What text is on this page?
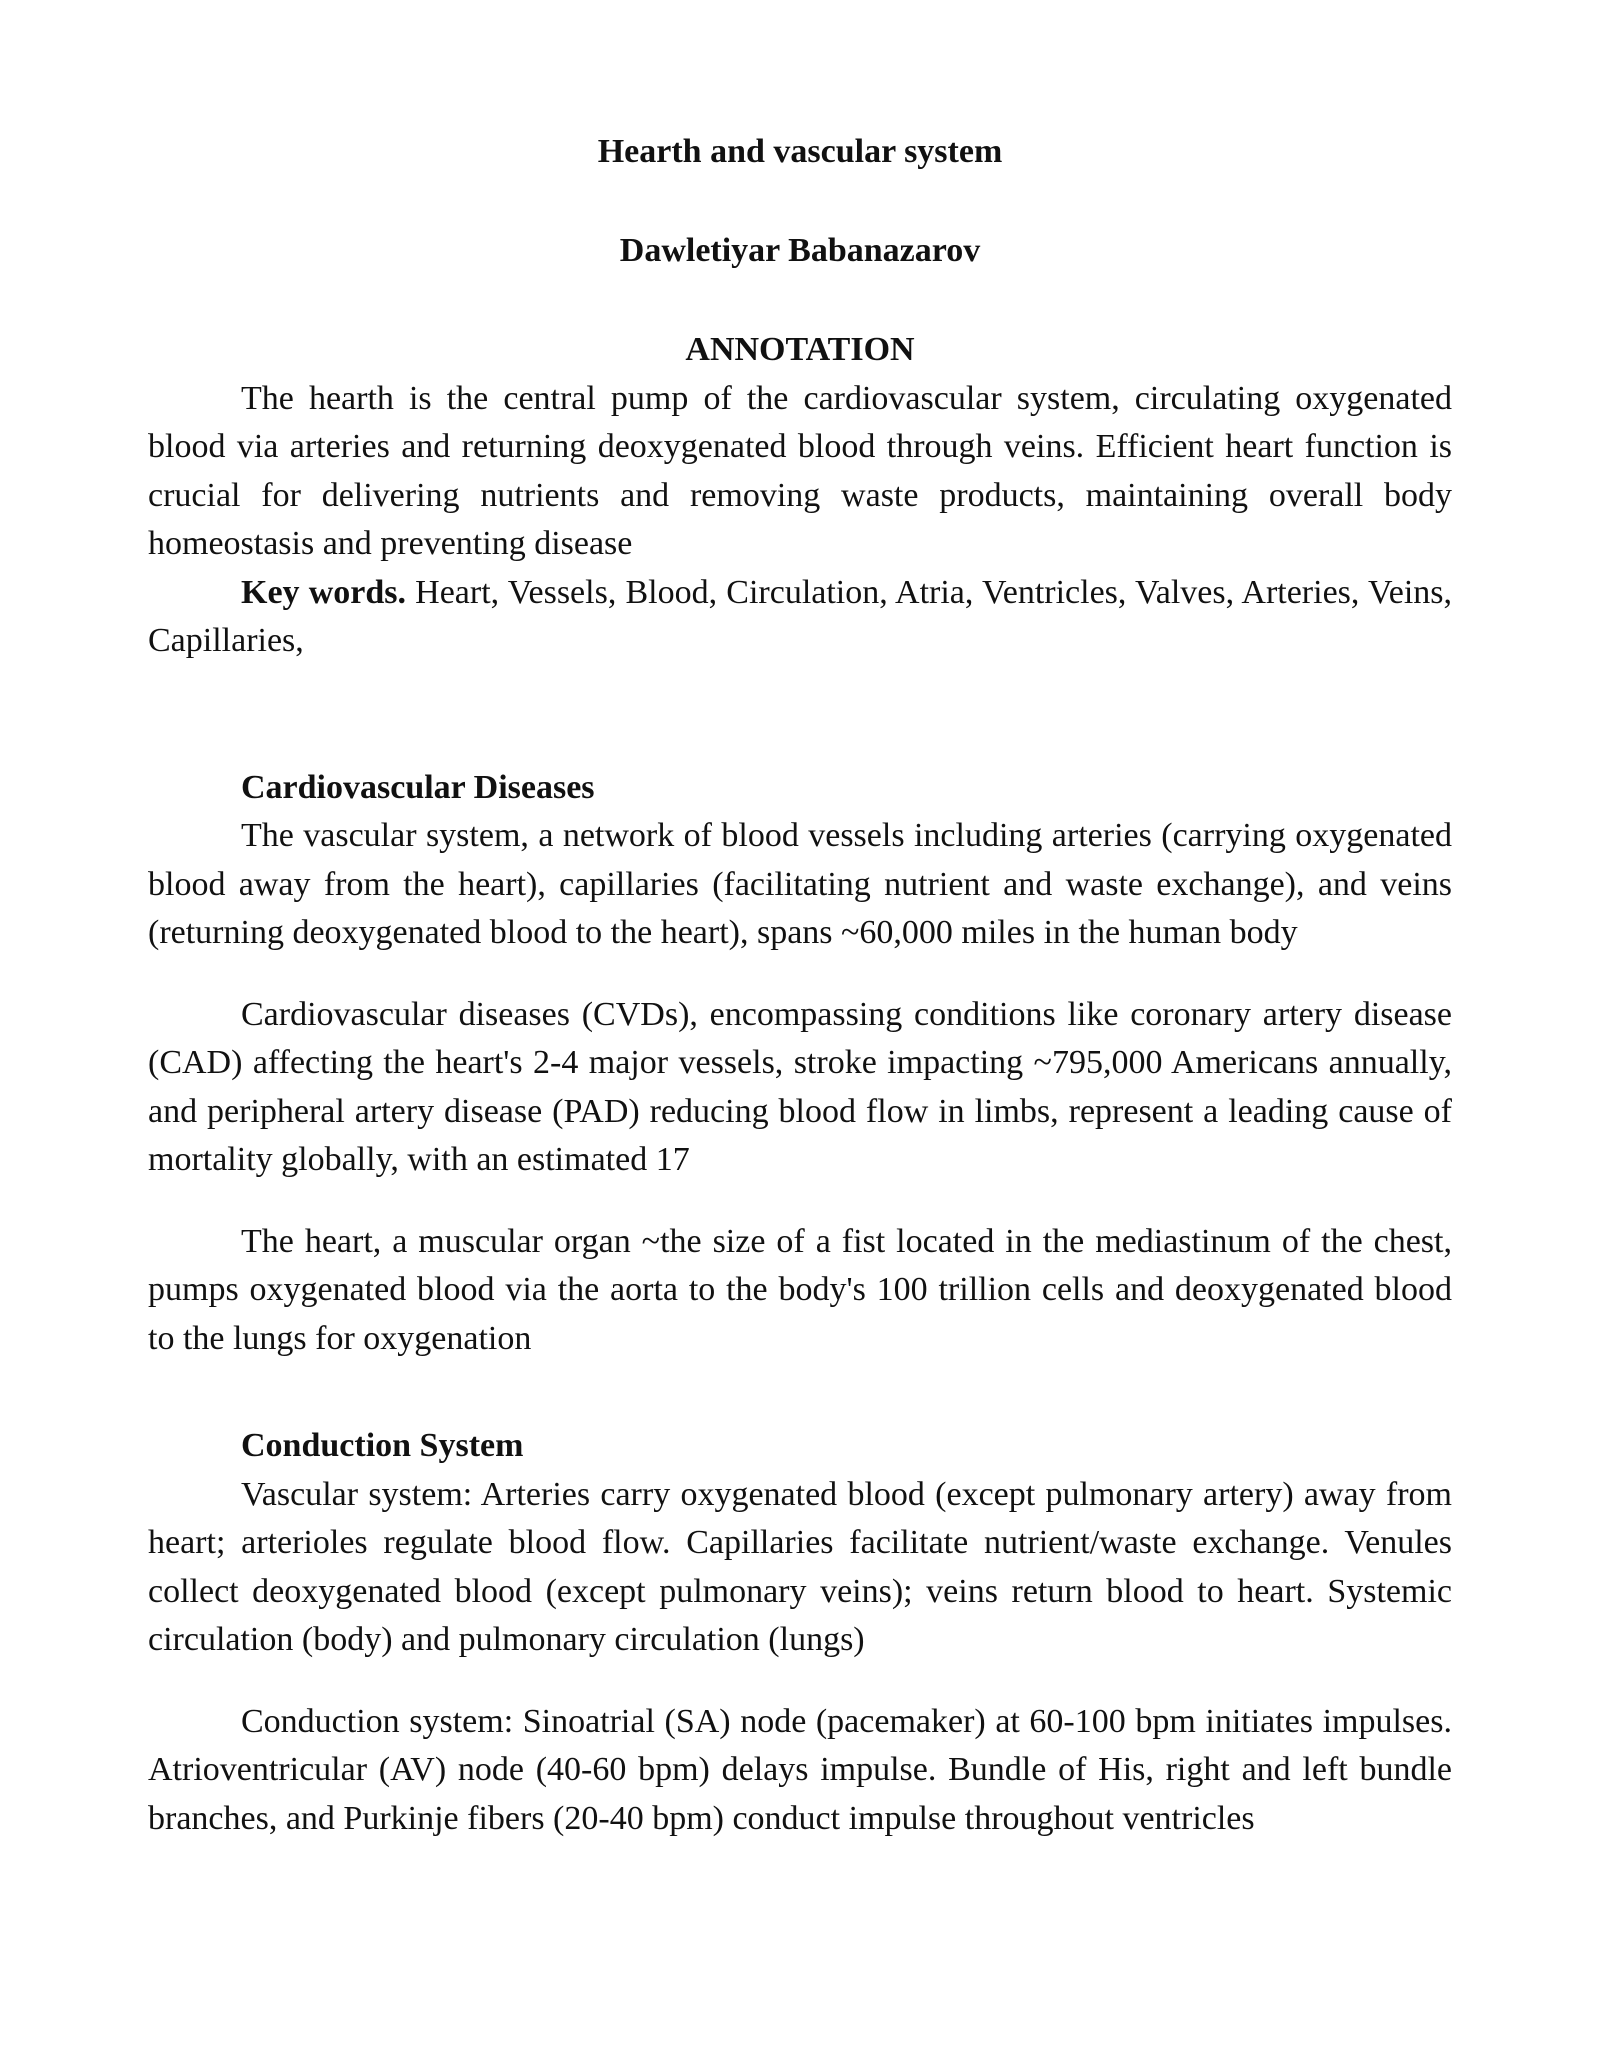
Hearth and vascular system
Dawletiyar Babanazarov
ANNOTATION

The hearth is the central pump of the cardiovascular system, circulating oxygenated blood via arteries and returning deoxygenated blood through veins. Efficient heart function is crucial for delivering nutrients and removing waste products, maintaining overall body homeostasis and preventing disease

Key words. Heart, Vessels, Blood, Circulation, Atria, Ventricles, Valves, Arteries, Veins, Capillaries,

Cardiovascular Diseases

The vascular system, a network of blood vessels including arteries (carrying oxygenated blood away from the heart), capillaries (facilitating nutrient and waste exchange), and veins (returning deoxygenated blood to the heart), spans ~60,000 miles in the human body

Cardiovascular diseases (CVDs), encompassing conditions like coronary artery disease (CAD) affecting the heart's 2-4 major vessels, stroke impacting ~795,000 Americans annually, and peripheral artery disease (PAD) reducing blood flow in limbs, represent a leading cause of mortality globally, with an estimated 17

The heart, a muscular organ ~the size of a fist located in the mediastinum of the chest, pumps oxygenated blood via the aorta to the body's 100 trillion cells and deoxygenated blood to the lungs for oxygenation

Conduction System

Vascular system: Arteries carry oxygenated blood (except pulmonary artery) away from heart; arterioles regulate blood flow. Capillaries facilitate nutrient/waste exchange. Venules collect deoxygenated blood (except pulmonary veins); veins return blood to heart. Systemic circulation (body) and pulmonary circulation (lungs)

Conduction system: Sinoatrial (SA) node (pacemaker) at 60-100 bpm initiates impulses. Atrioventricular (AV) node (40-60 bpm) delays impulse. Bundle of His, right and left bundle branches, and Purkinje fibers (20-40 bpm) conduct impulse throughout ventricles
